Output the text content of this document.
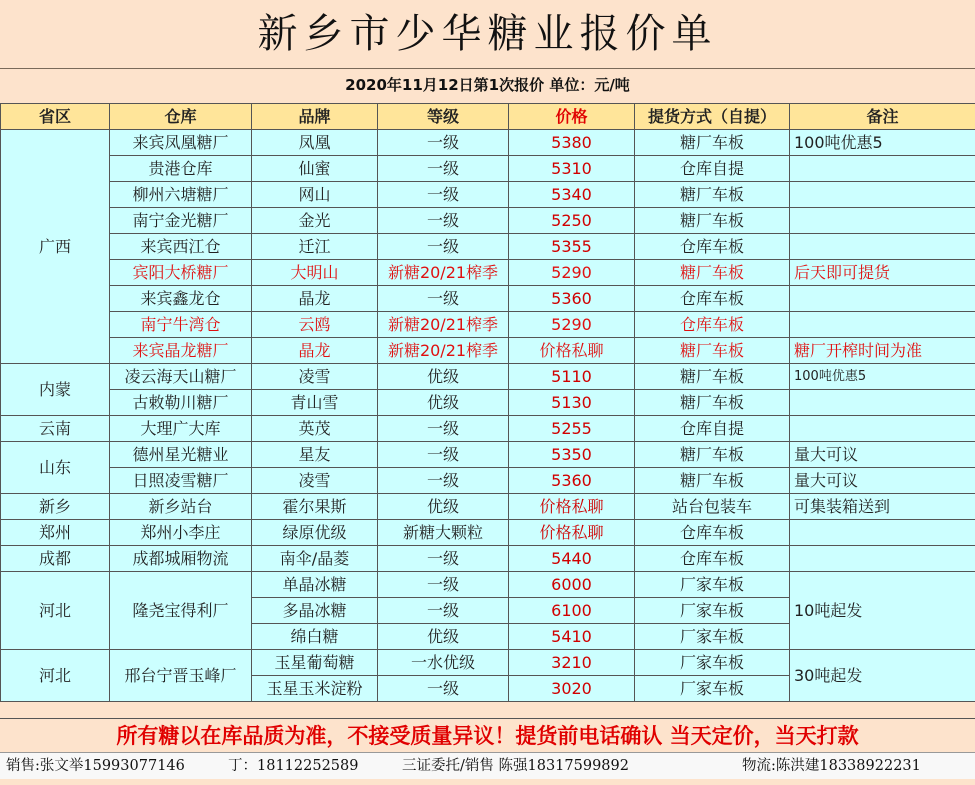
新乡市少华糖业报价单
2020年11月12日第1次报价 单位：元/吨
省区	仓库	品牌	等级	价格	提货方式（自提）	备注
广西	来宾凤凰糖厂	凤凰	一级	5380	糖厂车板	100吨优惠5
	贵港仓库	仙蜜	一级	5310	仓库自提	
	柳州六塘糖厂	网山	一级	5340	糖厂车板	
	南宁金光糖厂	金光	一级	5250	糖厂车板	
	来宾西江仓	迁江	一级	5355	仓库车板	
	宾阳大桥糖厂	大明山	新糖20/21榨季	5290	糖厂车板	后天即可提货
	来宾鑫龙仓	晶龙	一级	5360	仓库车板	
	南宁牛湾仓	云鸥	新糖20/21榨季	5290	仓库车板	
	来宾晶龙糖厂	晶龙	新糖20/21榨季	价格私聊	糖厂车板	糖厂开榨时间为准
内蒙	凌云海天山糖厂	凌雪	优级	5110	糖厂车板	100吨优惠5
	古敕勒川糖厂	青山雪	优级	5130	糖厂车板	
云南	大理广大库	英茂	一级	5255	仓库自提	
山东	德州星光糖业	星友	一级	5350	糖厂车板	量大可议
	日照凌雪糖厂	凌雪	一级	5360	糖厂车板	量大可议
新乡	新乡站台	霍尔果斯	优级	价格私聊	站台包装车	可集装箱送到
郑州	郑州小李庄	绿原优级	新糖大颗粒	价格私聊	仓库车板	
成都	成都城厢物流	南伞/晶菱	一级	5440	仓库车板	
河北	隆尧宝得利厂	单晶冰糖	一级	6000	厂家车板	10吨起发
		多晶冰糖	一级	6100	厂家车板	
		绵白糖	优级	5410	厂家车板	
河北	邢台宁晋玉峰厂	玉星葡萄糖	一水优级	3210	厂家车板	30吨起发
		玉星玉米淀粉	一级	3020	厂家车板	
所有糖以在库品质为准，不接受质量异议！提货前电话确认 当天定价，当天打款
销售:张文举15993077146	丁：18112252589	三证委托/销售 陈强18317599892	物流:陈洪建18338922231
